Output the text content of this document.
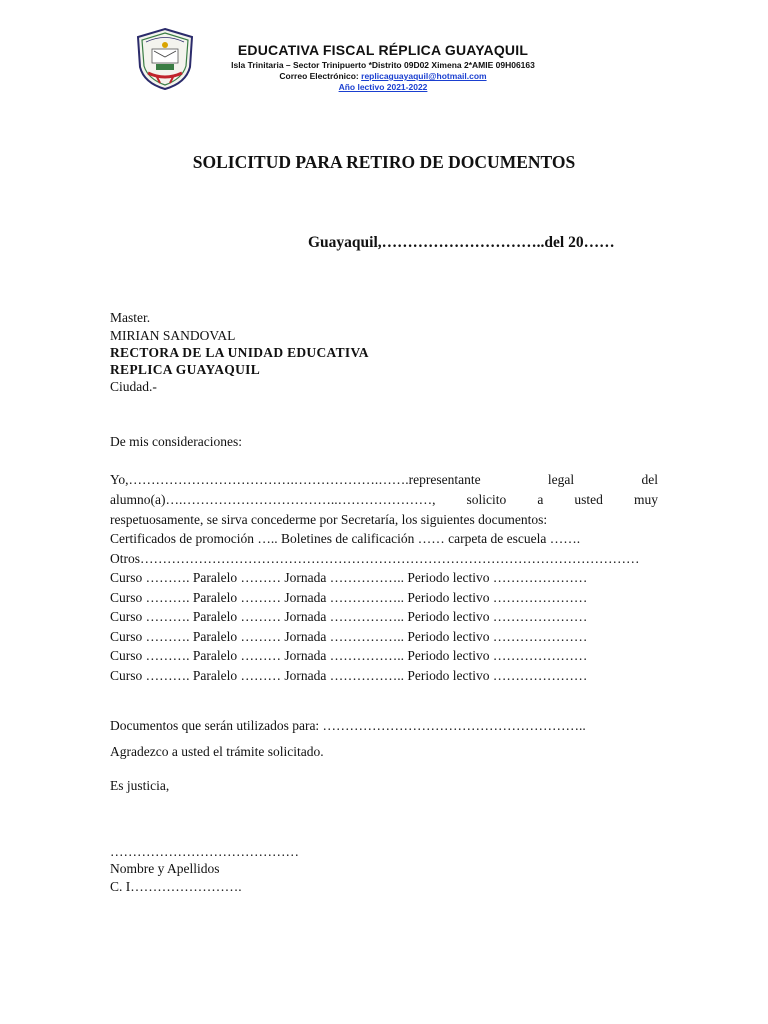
EDUCATIVA FISCAL RÉPLICA GUAYAQUIL
Isla Trinitaria – Sector Trinipuerto *Distrito 09D02 Ximena 2*AMIE 09H06163
Correo Electrónico: replicaguayaquil@hotmail.com
Año lectivo 2021-2022
SOLICITUD PARA RETIRO DE DOCUMENTOS
Guayaquil,…………………………..del 20……
Master.
MIRIAN SANDOVAL
RECTORA DE LA UNIDAD EDUCATIVA
REPLICA GUAYAQUIL
Ciudad.-
De mis consideraciones:
Yo,……………………………….……………….…….representante	legal	del
alumno(a)….……………………………..…………………, solicito a usted muy
respetuosamente, se sirva concederme por Secretaría, los siguientes documentos:
Certificados de promoción ….. Boletines de calificación …… carpeta de escuela …….
Otros…………………………………………………………………………………………………
Curso ………. Paralelo ……… Jornada …………….. Periodo lectivo …………………
Curso ………. Paralelo ……… Jornada …………….. Periodo lectivo …………………
Curso ………. Paralelo ……… Jornada …………….. Periodo lectivo …………………
Curso ………. Paralelo ……… Jornada …………….. Periodo lectivo …………………
Curso ………. Paralelo ……… Jornada …………….. Periodo lectivo …………………
Curso ………. Paralelo ……… Jornada …………….. Periodo lectivo …………………
Documentos que serán utilizados para: …………………………………………………..
Agradezco a usted el trámite solicitado.
Es justicia,
……………………………………
Nombre y Apellidos
C. I…………………….
